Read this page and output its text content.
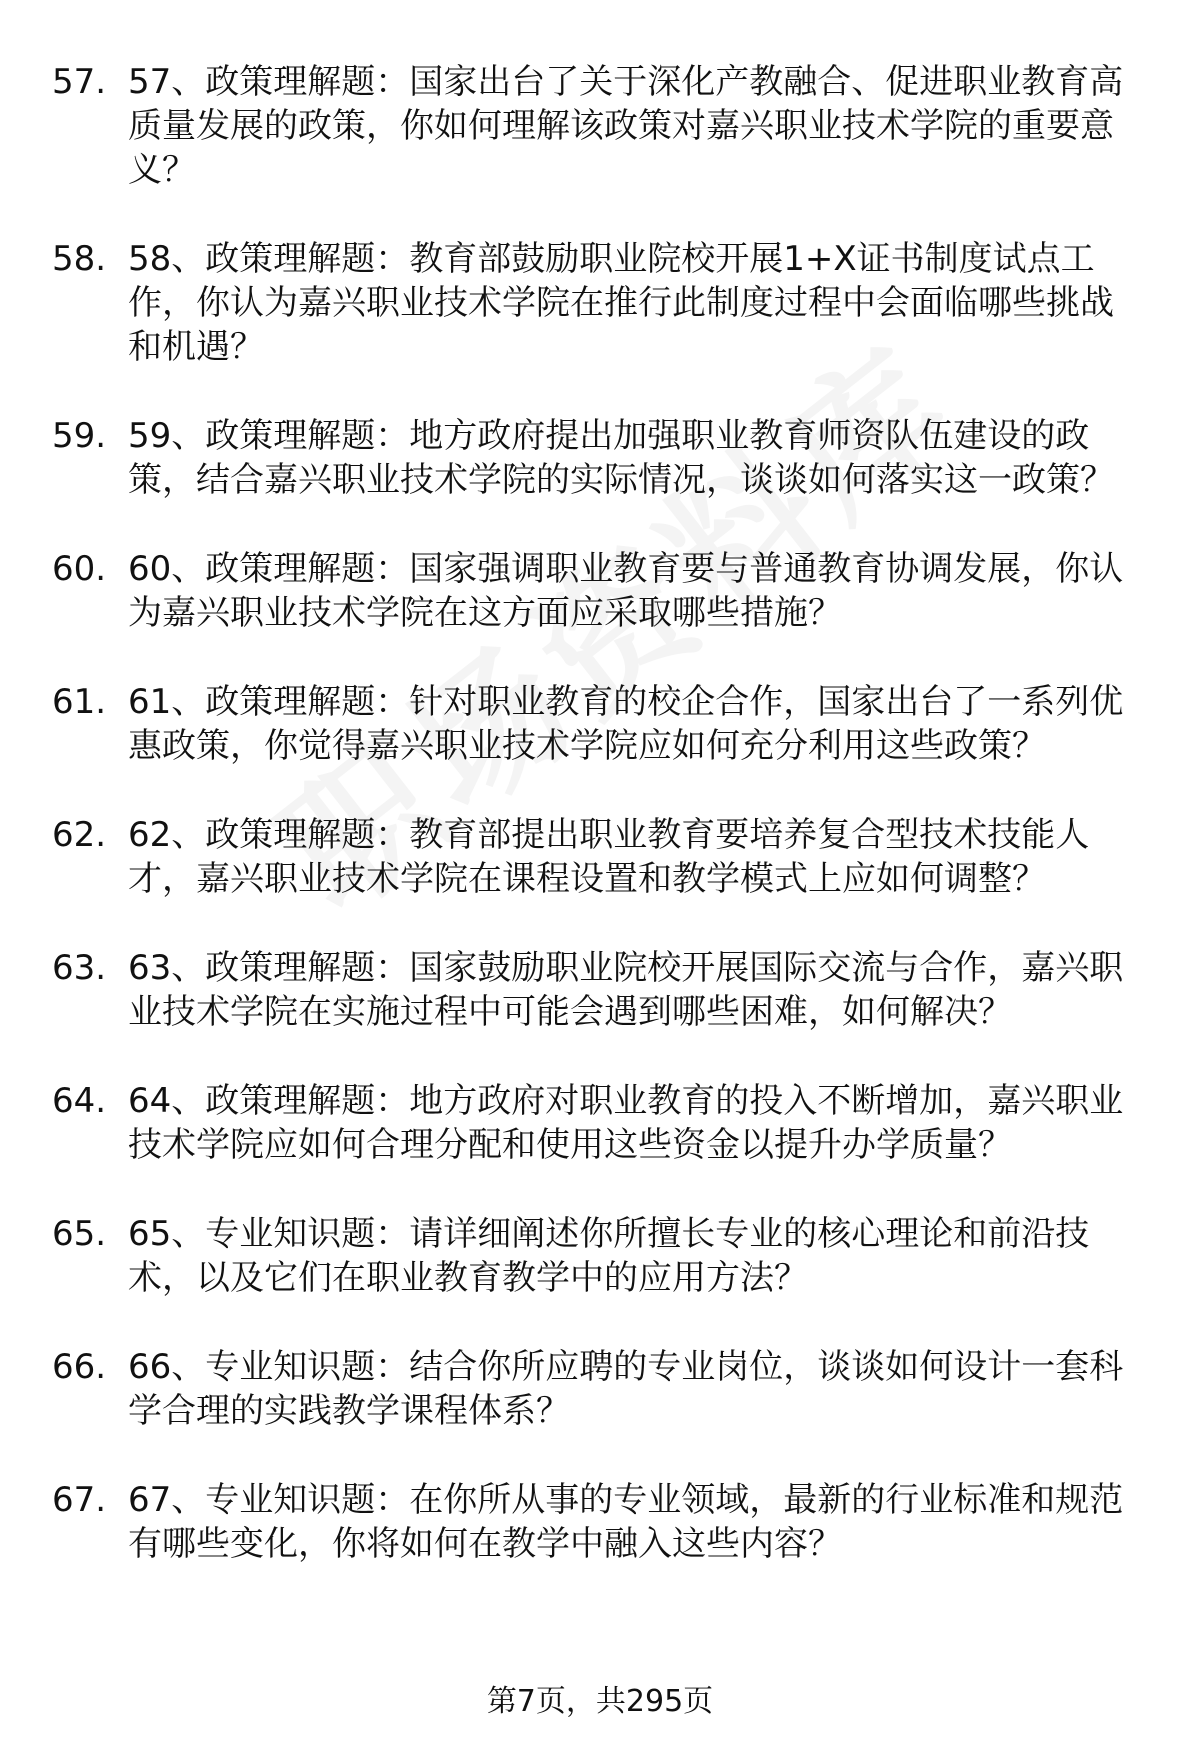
57. 57、政策理解题：国家出台了关于深化产教融合、促进职业教育高质量发展的政策，你如何理解该政策对嘉兴职业技术学院的重要意义？
58. 58、政策理解题：教育部鼓励职业院校开展1+X证书制度试点工作，你认为嘉兴职业技术学院在推行此制度过程中会面临哪些挑战和机遇？
59. 59、政策理解题：地方政府提出加强职业教育师资队伍建设的政策，结合嘉兴职业技术学院的实际情况，谈谈如何落实这一政策？
60. 60、政策理解题：国家强调职业教育要与普通教育协调发展，你认为嘉兴职业技术学院在这方面应采取哪些措施？
61. 61、政策理解题：针对职业教育的校企合作，国家出台了一系列优惠政策，你觉得嘉兴职业技术学院应如何充分利用这些政策？
62. 62、政策理解题：教育部提出职业教育要培养复合型技术技能人才，嘉兴职业技术学院在课程设置和教学模式上应如何调整？
63. 63、政策理解题：国家鼓励职业院校开展国际交流与合作，嘉兴职业技术学院在实施过程中可能会遇到哪些困难，如何解决？
64. 64、政策理解题：地方政府对职业教育的投入不断增加，嘉兴职业技术学院应如何合理分配和使用这些资金以提升办学质量？
65. 65、专业知识题：请详细阐述你所擅长专业的核心理论和前沿技术，以及它们在职业教育教学中的应用方法？
66. 66、专业知识题：结合你所应聘的专业岗位，谈谈如何设计一套科学合理的实践教学课程体系？
67. 67、专业知识题：在你所从事的专业领域，最新的行业标准和规范有哪些变化，你将如何在教学中融入这些内容？
第7页，共295页
